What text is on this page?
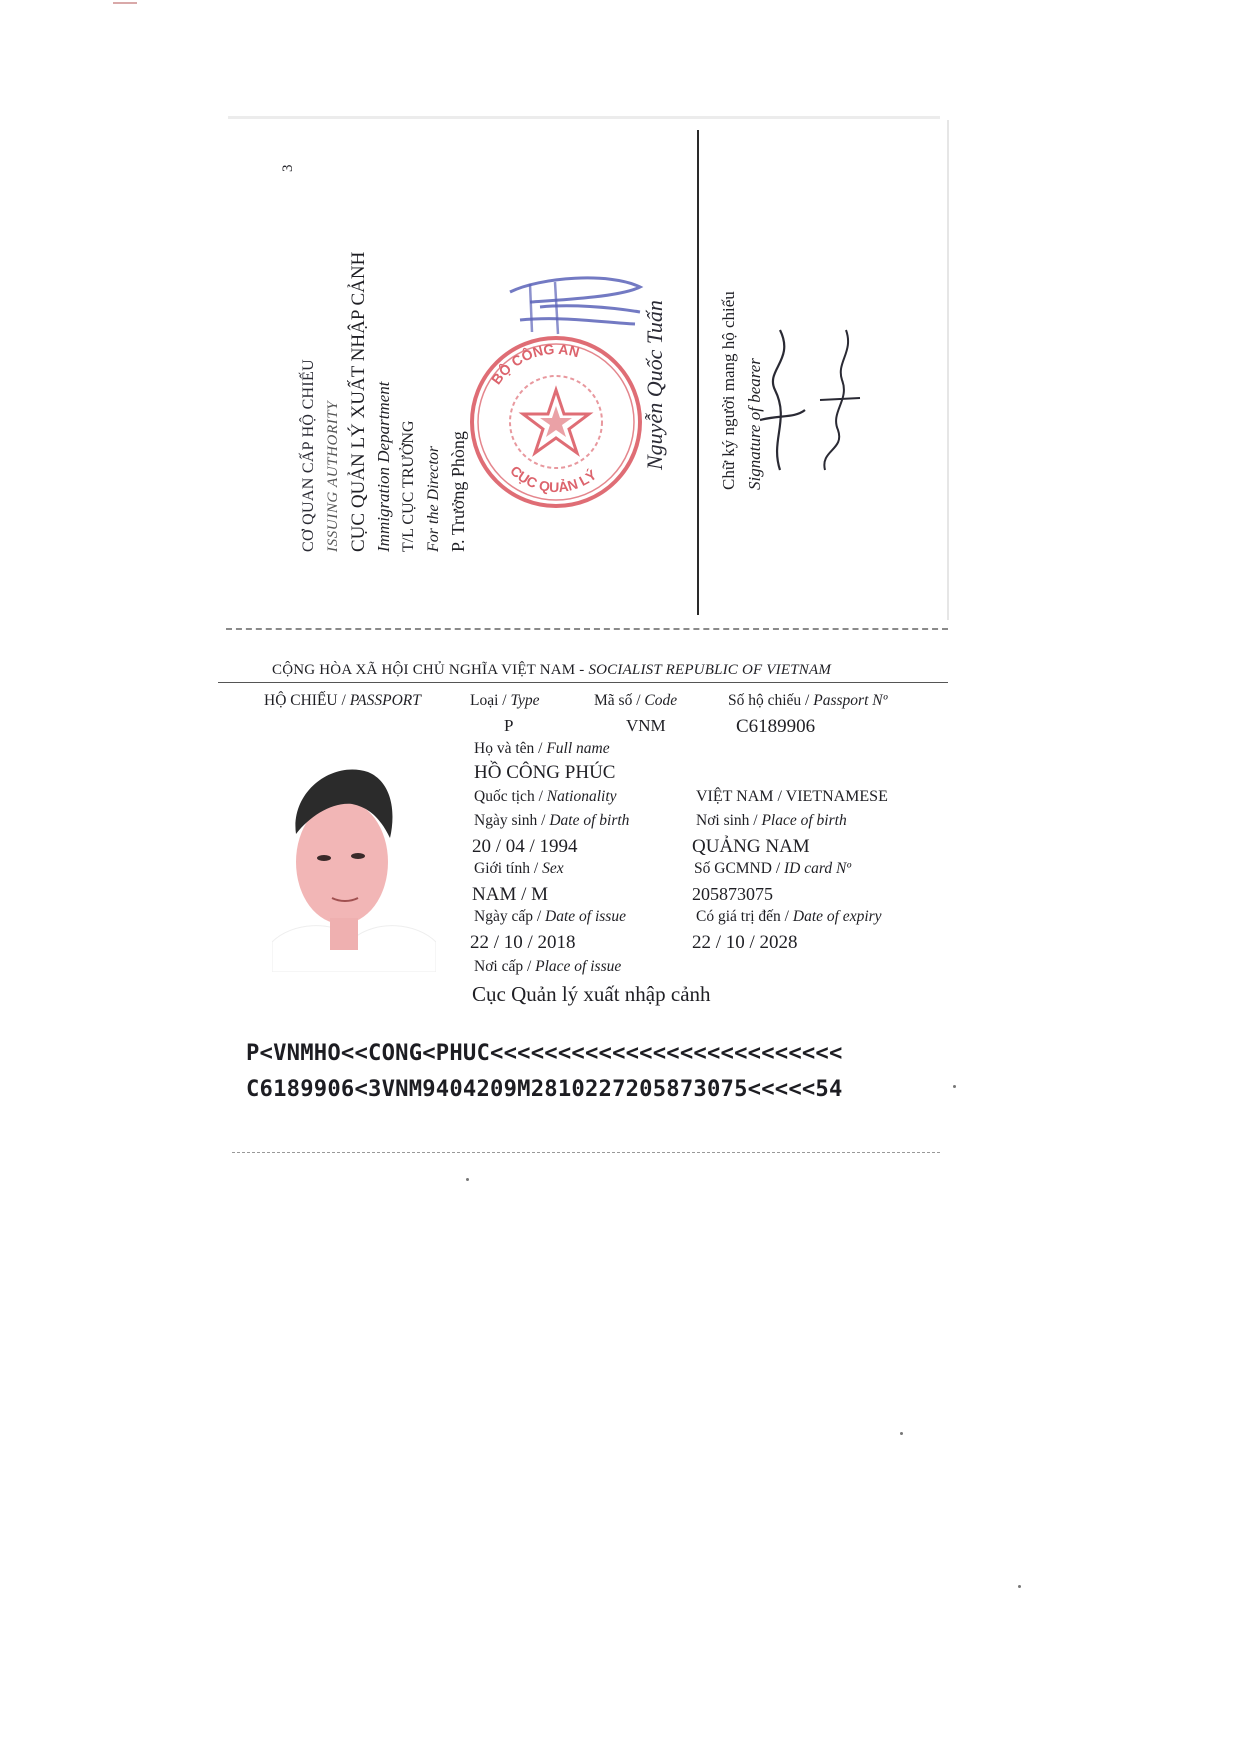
3
CƠ QUAN CẤP HỘ CHIẾU ISSUING AUTHORITY CỤC QUẢN LÝ XUẤT NHẬP CẢNH Immigration Department T/L CỤC TRƯỞNG For the Director P. Trưởng Phòng
BỘ CÔNG AN
CỤC QUẢN LÝ
Nguyễn Quốc Tuấn	Chữ ký người mang hộ chiếu Signature of bearer
CỘNG HÒA XÃ HỘI CHỦ NGHĨA VIỆT NAM - SOCIALIST REPUBLIC OF VIETNAM
HỘ CHIẾU / PASSPORT	Loại / Type	Mã số / Code	Số hộ chiếu / Passport Nº
P	VNM	C6189906
Họ và tên / Full name
HỒ CÔNG PHÚC
Quốc tịch / Nationality	VIỆT NAM / VIETNAMESE
Ngày sinh / Date of birth	Nơi sinh / Place of birth
20 / 04 / 1994	QUẢNG NAM
Giới tính / Sex	Số GCMND / ID card Nº
NAM / M	205873075
Ngày cấp / Date of issue	Có giá trị đến / Date of expiry
22 / 10 / 2018	22 / 10 / 2028
Nơi cấp / Place of issue
Cục Quản lý xuất nhập cảnh
P<VNMHO<<CONG<PHUC<<<<<<<<<<<<<<<<<<<<<<<<<<
C6189906<3VNM9404209M2810227205873075<<<<<54
